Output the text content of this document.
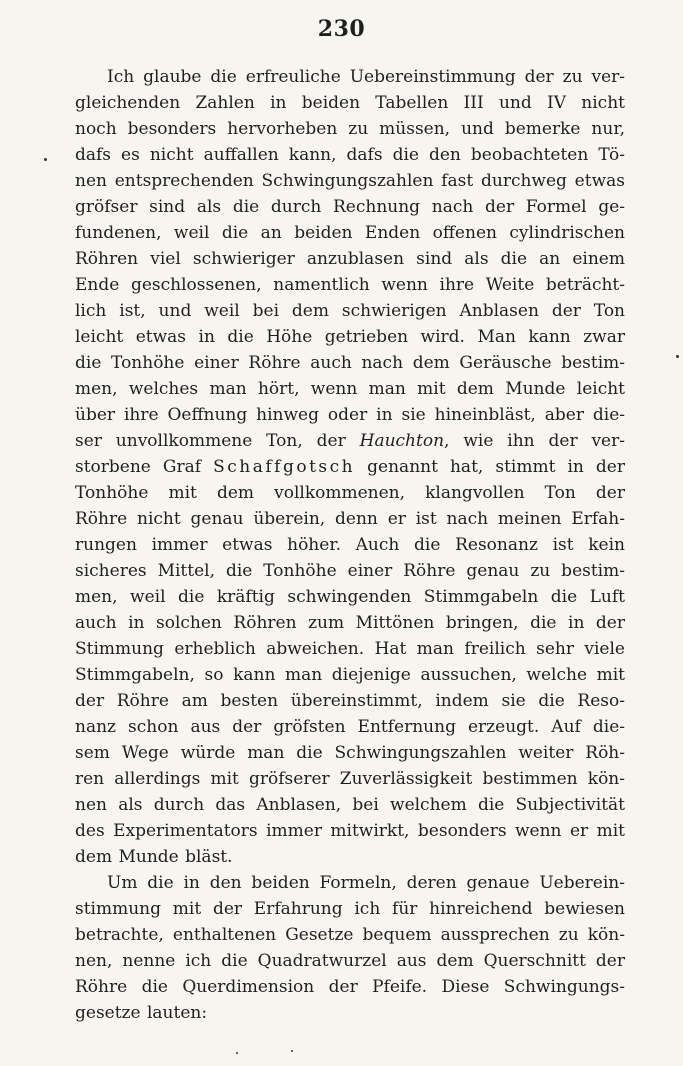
230
Ich glaube die erfreuliche Uebereinstimmung der zu ver-
gleichenden Zahlen in beiden Tabellen III und IV nicht
noch besonders hervorheben zu müssen, und bemerke nur,
dafs es nicht auffallen kann, dafs die den beobachteten Tö-
nen entsprechenden Schwingungszahlen fast durchweg etwas
gröfser sind als die durch Rechnung nach der Formel ge-
fundenen, weil die an beiden Enden offenen cylindrischen
Röhren viel schwieriger anzublasen sind als die an einem
Ende geschlossenen, namentlich wenn ihre Weite beträcht-
lich ist, und weil bei dem schwierigen Anblasen der Ton
leicht etwas in die Höhe getrieben wird. Man kann zwar
die Tonhöhe einer Röhre auch nach dem Geräusche bestim-
men, welches man hört, wenn man mit dem Munde leicht
über ihre Oeffnung hinweg oder in sie hineinbläst, aber die-
ser unvollkommene Ton, der Hauchton, wie ihn der ver-
storbene Graf Schaffgotsch genannt hat, stimmt in der
Tonhöhe mit dem vollkommenen, klangvollen Ton der
Röhre nicht genau überein, denn er ist nach meinen Erfah-
rungen immer etwas höher. Auch die Resonanz ist kein
sicheres Mittel, die Tonhöhe einer Röhre genau zu bestim-
men, weil die kräftig schwingenden Stimmgabeln die Luft
auch in solchen Röhren zum Mittönen bringen, die in der
Stimmung erheblich abweichen. Hat man freilich sehr viele
Stimmgabeln, so kann man diejenige aussuchen, welche mit
der Röhre am besten übereinstimmt, indem sie die Reso-
nanz schon aus der gröfsten Entfernung erzeugt. Auf die-
sem Wege würde man die Schwingungszahlen weiter Röh-
ren allerdings mit gröfserer Zuverlässigkeit bestimmen kön-
nen als durch das Anblasen, bei welchem die Subjectivität
des Experimentators immer mitwirkt, besonders wenn er mit
dem Munde bläst.
Um die in den beiden Formeln, deren genaue Ueberein-
stimmung mit der Erfahrung ich für hinreichend bewiesen
betrachte, enthaltenen Gesetze bequem aussprechen zu kön-
nen, nenne ich die Quadratwurzel aus dem Querschnitt der
Röhre die Querdimension der Pfeife. Diese Schwingungs-
gesetze lauten:
